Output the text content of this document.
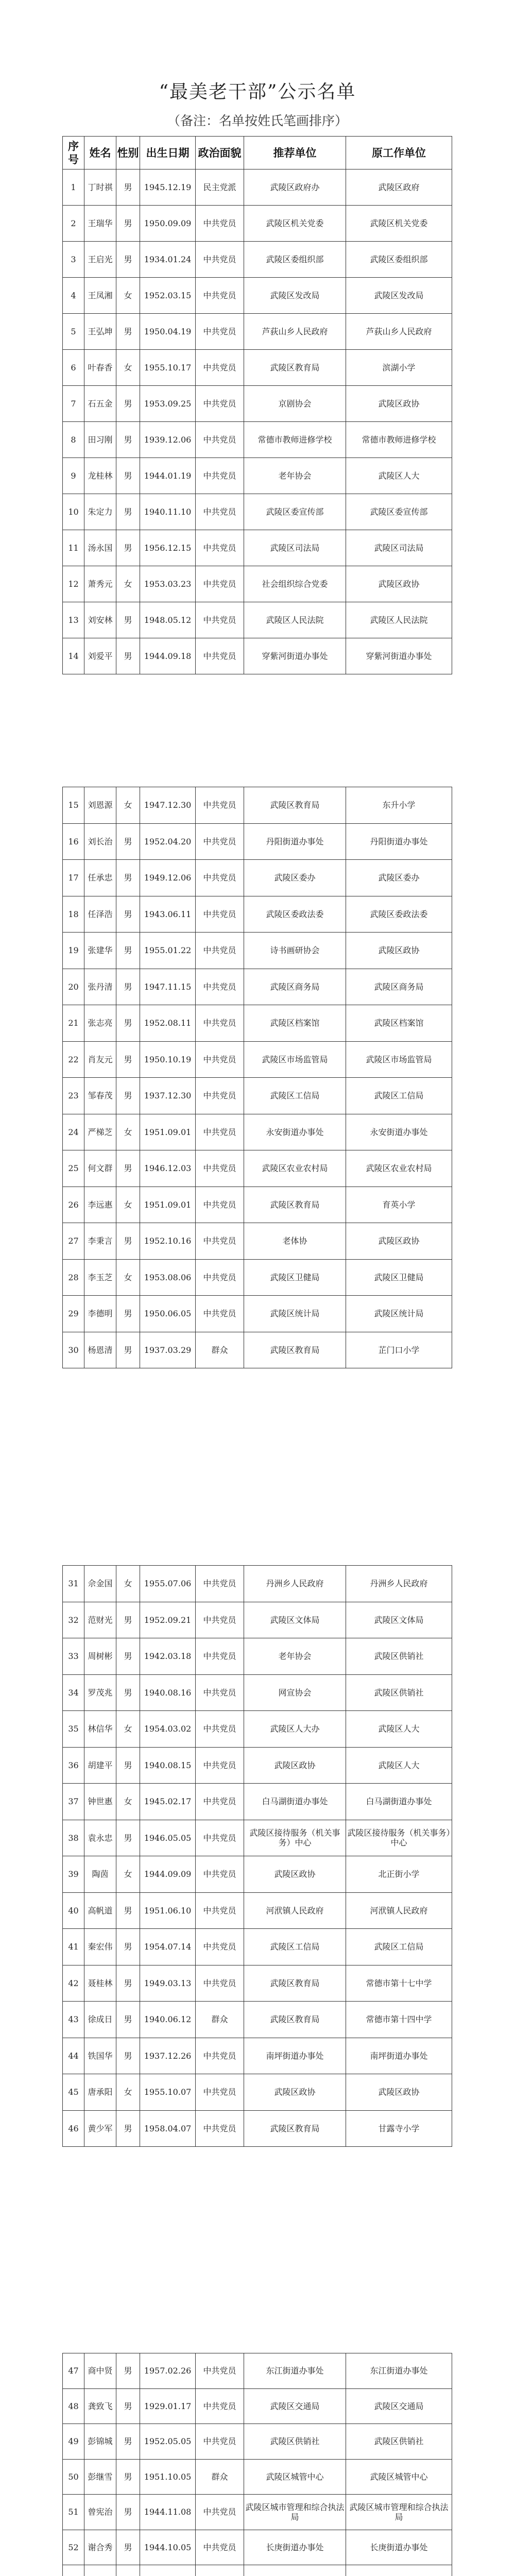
“最美老干部”公示名单
（备注：名单按姓氏笔画排序）
序号	姓名	性别	出生日期	政治面貌	推荐单位	原工作单位
1	丁时祺	男	1945.12.19	民主党派	武陵区政府办	武陵区政府
2	王瑞华	男	1950.09.09	中共党员	武陵区机关党委	武陵区机关党委
3	王启光	男	1934.01.24	中共党员	武陵区委组织部	武陵区委组织部
4	王凤湘	女	1952.03.15	中共党员	武陵区发改局	武陵区发改局
5	王弘坤	男	1950.04.19	中共党员	芦荻山乡人民政府	芦荻山乡人民政府
6	叶春香	女	1955.10.17	中共党员	武陵区教育局	滨湖小学
7	石五金	男	1953.09.25	中共党员	京剧协会	武陵区政协
8	田习刚	男	1939.12.06	中共党员	常德市教师进修学校	常德市教师进修学校
9	龙桂林	男	1944.01.19	中共党员	老年协会	武陵区人大
10	朱定力	男	1940.11.10	中共党员	武陵区委宣传部	武陵区委宣传部
11	汤永国	男	1956.12.15	中共党员	武陵区司法局	武陵区司法局
12	萧秀元	女	1953.03.23	中共党员	社会组织综合党委	武陵区政协
13	刘安林	男	1948.05.12	中共党员	武陵区人民法院	武陵区人民法院
14	刘爱平	男	1944.09.18	中共党员	穿紫河街道办事处	穿紫河街道办事处
15	刘恩源	女	1947.12.30	中共党员	武陵区教育局	东升小学
16	刘长治	男	1952.04.20	中共党员	丹阳街道办事处	丹阳街道办事处
17	任承忠	男	1949.12.06	中共党员	武陵区委办	武陵区委办
18	任泽浩	男	1943.06.11	中共党员	武陵区委政法委	武陵区委政法委
19	张建华	男	1955.01.22	中共党员	诗书画研协会	武陵区政协
20	张丹清	男	1947.11.15	中共党员	武陵区商务局	武陵区商务局
21	张志亮	男	1952.08.11	中共党员	武陵区档案馆	武陵区档案馆
22	肖友元	男	1950.10.19	中共党员	武陵区市场监管局	武陵区市场监管局
23	邹春茂	男	1937.12.30	中共党员	武陵区工信局	武陵区工信局
24	严梯芝	女	1951.09.01	中共党员	永安街道办事处	永安街道办事处
25	何文群	男	1946.12.03	中共党员	武陵区农业农村局	武陵区农业农村局
26	李远惠	女	1951.09.01	中共党员	武陵区教育局	育英小学
27	李秉言	男	1952.10.16	中共党员	老体协	武陵区政协
28	李玉芝	女	1953.08.06	中共党员	武陵区卫健局	武陵区卫健局
29	李德明	男	1950.06.05	中共党员	武陵区统计局	武陵区统计局
30	杨恩清	男	1937.03.29	群众	武陵区教育局	芷门口小学
31	佘金国	女	1955.07.06	中共党员	丹洲乡人民政府	丹洲乡人民政府
32	范财光	男	1952.09.21	中共党员	武陵区文体局	武陵区文体局
33	周树彬	男	1942.03.18	中共党员	老年协会	武陵区供销社
34	罗茂兆	男	1940.08.16	中共党员	网宣协会	武陵区供销社
35	林信华	女	1954.03.02	中共党员	武陵区人大办	武陵区人大
36	胡建平	男	1940.08.15	中共党员	武陵区政协	武陵区人大
37	钟世惠	女	1945.02.17	中共党员	白马湖街道办事处	白马湖街道办事处
38	袁永忠	男	1946.05.05	中共党员	武陵区接待服务（机关事务）中心	武陵区接待服务（机关事务）中心
39	陶茵	女	1944.09.09	中共党员	武陵区政协	北正街小学
40	高帆道	男	1951.06.10	中共党员	河洑镇人民政府	河洑镇人民政府
41	秦宏伟	男	1954.07.14	中共党员	武陵区工信局	武陵区工信局
42	聂桂林	男	1949.03.13	中共党员	武陵区教育局	常德市第十七中学
43	徐成日	男	1940.06.12	群众	武陵区教育局	常德市第十四中学
44	铁国华	男	1937.12.26	中共党员	南坪街道办事处	南坪街道办事处
45	唐承阳	女	1955.10.07	中共党员	武陵区政协	武陵区政协
46	黄少军	男	1958.04.07	中共党员	武陵区教育局	甘露寺小学
47	商中贤	男	1957.02.26	中共党员	东江街道办事处	东江街道办事处
48	龚致飞	男	1929.01.17	中共党员	武陵区交通局	武陵区交通局
49	彭锦城	男	1952.05.05	中共党员	武陵区供销社	武陵区供销社
50	彭继雪	男	1951.10.05	群众	武陵区城管中心	武陵区城管中心
51	曾宪治	男	1944.11.08	中共党员	武陵区城市管理和综合执法局	武陵区城市管理和综合执法局
52	谢合秀	男	1944.10.05	中共党员	长庚街道办事处	长庚街道办事处
